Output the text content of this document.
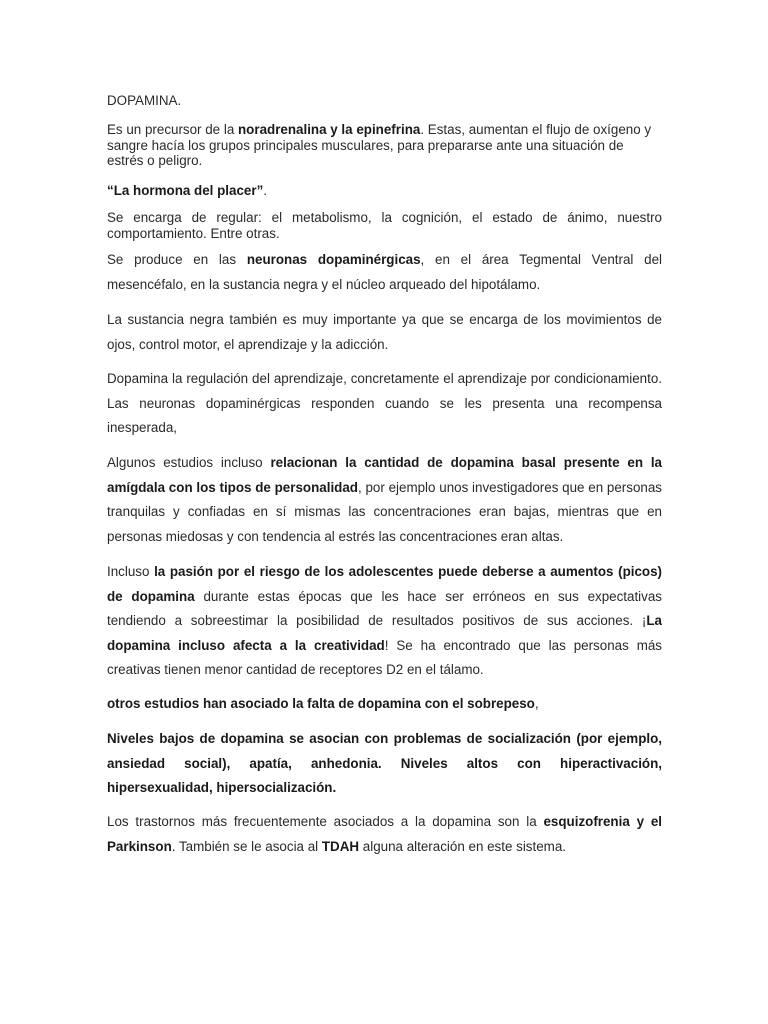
DOPAMINA.

Es un precursor de la noradrenalina y la epinefrina. Estas, aumentan el flujo de oxígeno y sangre hacía los grupos principales musculares, para prepararse ante una situación de estrés o peligro.

“La hormona del placer”.

Se encarga de regular: el metabolismo, la cognición, el estado de ánimo, nuestro comportamiento. Entre otras.

Se produce en las neuronas dopaminérgicas, en el área Tegmental Ventral del mesencéfalo, en la sustancia negra y el núcleo arqueado del hipotálamo.

La sustancia negra también es muy importante ya que se encarga de los movimientos de ojos, control motor, el aprendizaje y la adicción.

Dopamina la regulación del aprendizaje, concretamente el aprendizaje por condicionamiento. Las neuronas dopaminérgicas responden cuando se les presenta una recompensa inesperada,

Algunos estudios incluso relacionan la cantidad de dopamina basal presente en la amígdala con los tipos de personalidad, por ejemplo unos investigadores que en personas tranquilas y confiadas en sí mismas las concentraciones eran bajas, mientras que en personas miedosas y con tendencia al estrés las concentraciones eran altas.

Incluso la pasión por el riesgo de los adolescentes puede deberse a aumentos (picos) de dopamina durante estas épocas que les hace ser erróneos en sus expectativas tendiendo a sobreestimar la posibilidad de resultados positivos de sus acciones. ¡La dopamina incluso afecta a la creatividad! Se ha encontrado que las personas más creativas tienen menor cantidad de receptores D2 en el tálamo.

otros estudios han asociado la falta de dopamina con el sobrepeso,

Niveles bajos de dopamina se asocian con problemas de socialización (por ejemplo, ansiedad social), apatía, anhedonia. Niveles altos con hiperactivación, hipersexualidad, hipersocialización.

Los trastornos más frecuentemente asociados a la dopamina son la esquizofrenia y el Parkinson. También se le asocia al TDAH alguna alteración en este sistema.
